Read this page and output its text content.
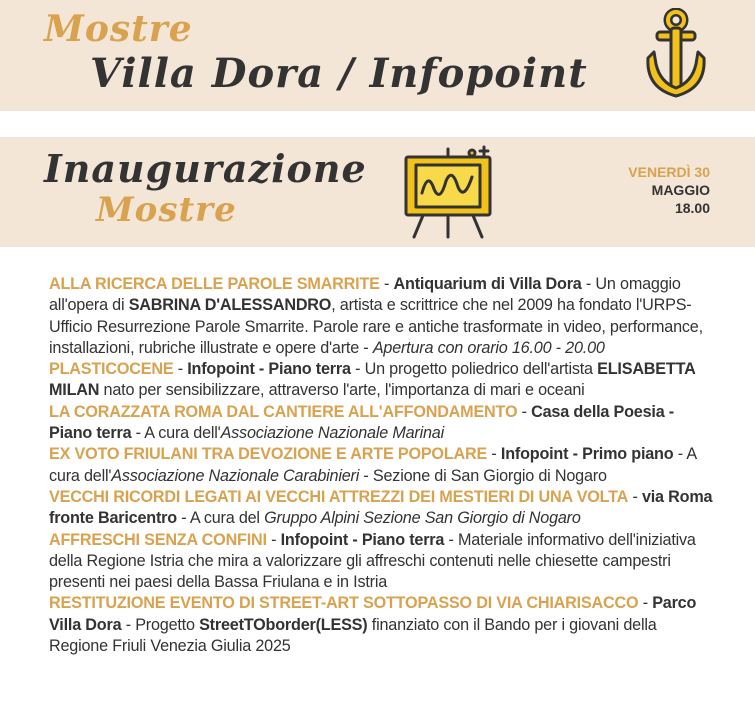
Mostre
Villa Dora / Infopoint
Inaugurazione
Mostre
VENERDÌ 30
MAGGIO
18.00

ALLA RICERCA DELLE PAROLE SMARRITE - Antiquarium di Villa Dora - Un omaggio all'opera di SABRINA D'ALESSANDRO, artista e scrittrice che nel 2009 ha fondato l'URPS-Ufficio Resurrezione Parole Smarrite. Parole rare e antiche trasformate in video, performance, installazioni, rubriche illustrate e opere d'arte - Apertura con orario 16.00 - 20.00

PLASTICOCENE - Infopoint - Piano terra - Un progetto poliedrico dell'artista ELISABETTA MILAN nato per sensibilizzare, attraverso l'arte, l'importanza di mari e oceani

LA CORAZZATA ROMA DAL CANTIERE ALL'AFFONDAMENTO - Casa della Poesia - Piano terra - A cura dell'Associazione Nazionale Marinai

EX VOTO FRIULANI TRA DEVOZIONE E ARTE POPOLARE - Infopoint - Primo piano - A cura dell'Associazione Nazionale Carabinieri - Sezione di San Giorgio di Nogaro

VECCHI RICORDI LEGATI AI VECCHI ATTREZZI DEI MESTIERI DI UNA VOLTA - via Roma fronte Baricentro - A cura del Gruppo Alpini Sezione San Giorgio di Nogaro

AFFRESCHI SENZA CONFINI - Infopoint - Piano terra - Materiale informativo dell'iniziativa della Regione Istria che mira a valorizzare gli affreschi contenuti nelle chiesette campestri presenti nei paesi della Bassa Friulana e in Istria

RESTITUZIONE EVENTO DI STREET-ART SOTTOPASSO DI VIA CHIARISACCO - Parco Villa Dora - Progetto StreetTOborder(LESS) finanziato con il Bando per i giovani della Regione Friuli Venezia Giulia 2025
